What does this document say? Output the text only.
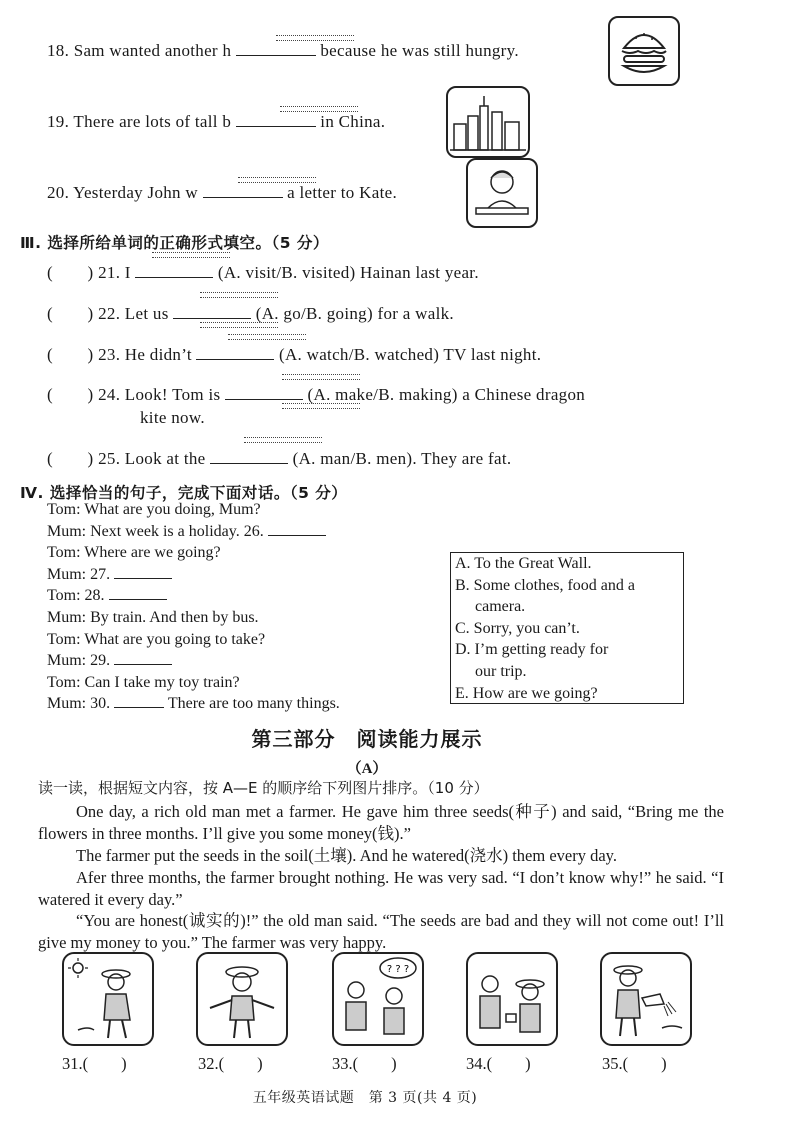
18. Sam wanted another h	because he was still hungry.
19. There are lots of tall b	in China.
20. Yesterday John w	a letter to Kate.
Ⅲ. 选择所给单词的正确形式填空。（5 分）
(　　) 21. I	(A. visit/B. visited) Hainan last year.
(　　) 22. Let us	(A. go/B. going) for a walk.
(　　) 23. He didn’t	(A. watch/B. watched) TV last night.
(　　) 24. Look! Tom is	(A. make/B. making) a Chinese dragon
kite now.
(　　) 25. Look at the	(A. man/B. men). They are fat.
Ⅳ. 选择恰当的句子，完成下面对话。（5 分）
Tom: What are you doing, Mum?
Mum: Next week is a holiday. 26.
Tom: Where are we going?
Mum: 27.
Tom: 28.
Mum: By train. And then by bus.
Tom: What are you going to take?
Mum: 29.
Tom: Can I take my toy train?
Mum: 30.	There are too many things.
A. To the Great Wall.
B. Some clothes, food and a
camera.
C. Sorry, you can’t.
D. I’m getting ready for
our trip.
E. How are we going?
第三部分　阅读能力展示
（A）
读一读，根据短文内容，按 A—E 的顺序给下列图片排序。（10 分）
One day, a rich old man met a farmer. He gave him three seeds(种子) and said, “Bring me the flowers in three months. I’ll give you some money(钱).”
The farmer put the seeds in the soil(土壤). And he watered(浇水) them every day.
Afer three months, the farmer brought nothing. He was very sad. “I don’t know why!” he said. “I watered it every day.”
“You are honest(诚实的)!” the old man said. “The seeds are bad and they will not come out! I’ll give my money to you.” The farmer was very happy.
? ? ?
31.(　　)	32.(　　)	33.(　　)	34.(　　)	35.(　　)
五年级英语试题　第 3 页(共 4 页)
